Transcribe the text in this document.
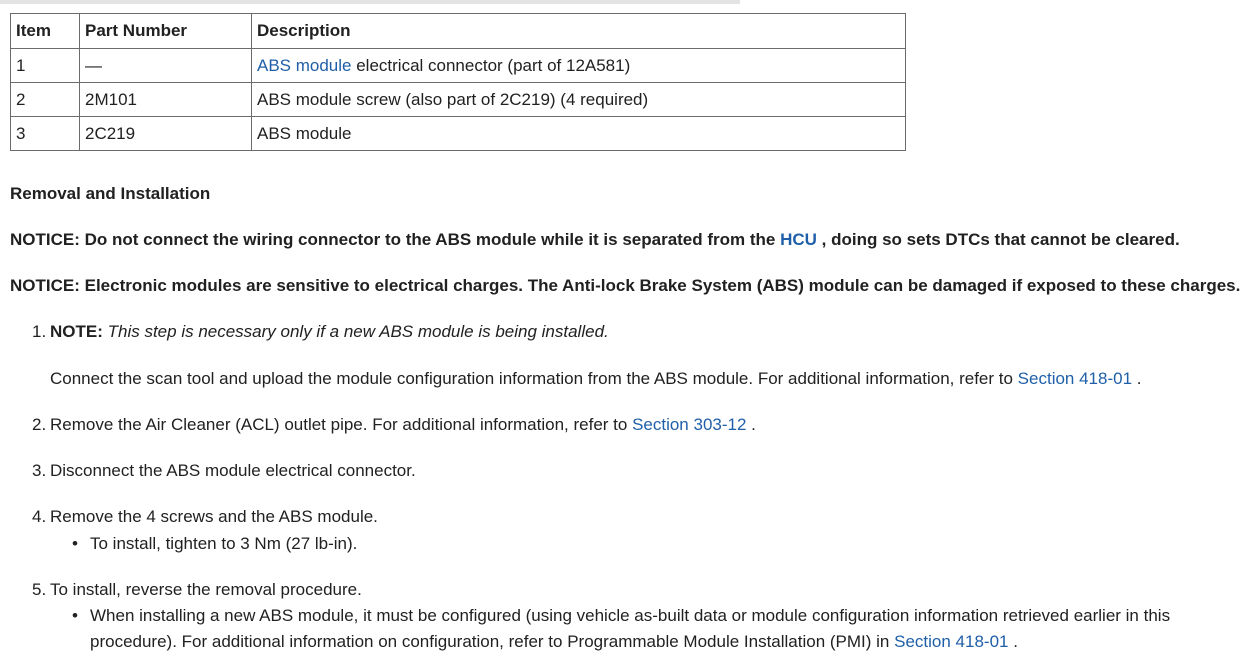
Item	Part Number	Description
1	—	ABS module electrical connector (part of 12A581)
2	2M101	ABS module screw (also part of 2C219) (4 required)
3	2C219	ABS module
Removal and Installation
NOTICE: Do not connect the wiring connector to the ABS module while it is separated from the HCU , doing so sets DTCs that cannot be cleared.
NOTICE: Electronic modules are sensitive to electrical charges. The Anti-lock Brake System (ABS) module can be damaged if exposed to these charges.
1. NOTE: This step is necessary only if a new ABS module is being installed.
Connect the scan tool and upload the module configuration information from the ABS module. For additional information, refer to Section 418-01 .
2. Remove the Air Cleaner (ACL) outlet pipe. For additional information, refer to Section 303-12 .
3. Disconnect the ABS module electrical connector.
4. Remove the 4 screws and the ABS module.
• To install, tighten to 3 Nm (27 lb-in).
5. To install, reverse the removal procedure.
• When installing a new ABS module, it must be configured (using vehicle as-built data or module configuration information retrieved earlier in this
procedure). For additional information on configuration, refer to Programmable Module Installation (PMI) in Section 418-01 .
